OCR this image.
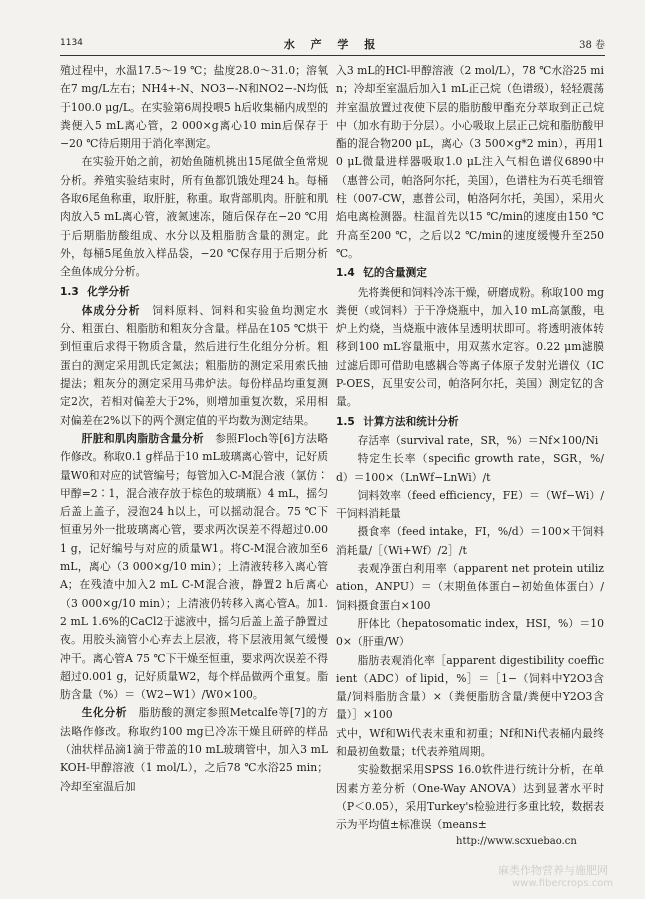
1134	水 产 学 报	38 卷

殖过程中，水温17.5～19 ℃；盐度28.0～31.0；溶氧在7 mg/L左右；NH4+-N、NO3−-N和NO2−-N均低于100.0 μg/L。在实验第6周投喂5 h后收集桶内成型的粪便入5 mL离心管，2 000×g离心10 min后保存于−20 ℃待后期用于消化率测定。

在实验开始之前，初始鱼随机挑出15尾做全鱼常规分析。养殖实验结束时，所有鱼都饥饿处理24 h。每桶各取6尾鱼称重，取肝脏，称重。取背部肌肉。肝脏和肌肉放入5 mL离心管，液氮速冻，随后保存在−20 ℃用于后期脂肪酸组成、水分以及粗脂肪含量的测定。此外，每桶5尾鱼放入样品袋，−20 ℃保存用于后期分析全鱼体成分分析。

1.3 化学分析

体成分分析  饲料原料、饲料和实验鱼均测定水分、粗蛋白、粗脂肪和粗灰分含量。样品在105 ℃烘干到恒重后求得干物质含量，然后进行生化组分分析。粗蛋白的测定采用凯氏定氮法；粗脂肪的测定采用索氏抽提法；粗灰分的测定采用马弗炉法。每份样品均重复测定2次，若相对偏差大于2%，则增加重复次数，采用相对偏差在2%以下的两个测定值的平均数为测定结果。

肝脏和肌肉脂肪含量分析  参照Floch等[6]方法略作修改。称取0.1 g样品于10 mL玻璃离心管中，记好质量W0和对应的试管编号；每管加入C-M混合液（氯仿∶甲醇=2∶1，混合液存放于棕色的玻璃瓶）4 mL，摇匀后盖上盖子，浸泡24 h以上，可以摇动混合。75 ℃下恒重另外一批玻璃离心管，要求两次误差不得超过0.001 g，记好编号与对应的质量W1。将C-M混合液加至6 mL，离心（3 000×g/10 min）；上清液转移入离心管A；在残渣中加入2 mL C-M混合液，静置2 h后离心（3 000×g/10 min）；上清液仍转移入离心管A。加1.2 mL 1.6%的CaCl2于滤液中，摇匀后盖上盖子静置过夜。用胶头滴管小心弃去上层液，将下层液用氮气缓慢冲干。离心管A 75 ℃下干燥至恒重，要求两次误差不得超过0.001 g，记好质量W2，每个样品做两个重复。脂肪含量（%）＝（W2−W1）/W0×100。

生化分析  脂肪酸的测定参照Metcalfe等[7]的方法略作修改。称取约100 mg已冷冻干燥且研碎的样品（油状样品滴1滴于带盖的10 mL玻璃管中，加入3 mL KOH-甲醇溶液（1 mol/L），之后78 ℃水浴25 min；冷却至室温后加

入3 mL的HCl-甲醇溶液（2 mol/L），78 ℃水浴25 min；冷却至室温后加入1 mL正己烷（色谱级），轻轻震荡并室温放置过夜使下层的脂肪酸甲酯充分萃取到正己烷中（加水有助于分层）。小心吸取上层正己烷和脂肪酸甲酯的混合物200 μL，离心（3 500×g*2 min），再用10 μL微量进样器吸取1.0 μL注入气相色谱仪6890中（惠普公司，帕洛阿尔托，美国），色谱柱为石英毛细管柱（007-CW，惠普公司，帕洛阿尔托，美国），采用火焰电离检测器。柱温首先以15 ℃/min的速度由150 ℃升高至200 ℃，之后以2 ℃/min的速度缓慢升至250 ℃。

1.4 钇的含量测定

先将粪便和饲料冷冻干燥，研磨成粉。称取100 mg粪便（或饲料）于干净烧瓶中，加入10 mL高氯酸，电炉上灼烧，当烧瓶中液体呈透明状即可。将透明液体转移到100 mL容量瓶中，用双蒸水定容。0.22 μm滤膜过滤后即可借助电感耦合等离子体原子发射光谱仪（ICP-OES，瓦里安公司，帕洛阿尔托，美国）测定钇的含量。

1.5 计算方法和统计分析

存活率（survival rate，SR，%）＝Nf×100/Ni

特定生长率（specific growth rate，SGR，%/d）＝100×（LnWf−LnWi）/t

饲料效率（feed efficiency，FE）＝（Wf−Wi）/干饲料消耗量

摄食率（feed intake，FI，%/d）＝100×干饲料消耗量/［（Wi+Wf）/2］/t

表观净蛋白利用率（apparent net protein utilization，ANPU）＝（末期鱼体蛋白−初始鱼体蛋白）/饲料摄食蛋白×100

肝体比（hepatosomatic index，HSI，%）＝100×（肝重/W）

脂肪表观消化率［apparent digestibility coefficient（ADC）of lipid，%］＝［1−（饲料中Y2O3含量/饲料脂肪含量）×（粪便脂肪含量/粪便中Y2O3含量）］×100

式中，Wf和Wi代表末重和初重；Nf和Ni代表桶内最终和最初鱼数量；t代表养殖周期。

实验数据采用SPSS 16.0软件进行统计分析，在单因素方差分析（One-Way ANOVA）达到显著水平时（P＜0.05），采用Turkey's检验进行多重比较，数据表示为平均值±标准误（means±

http://www.scxuebao.cn
麻类作物营养与施肥网
www.fibercrops.com
